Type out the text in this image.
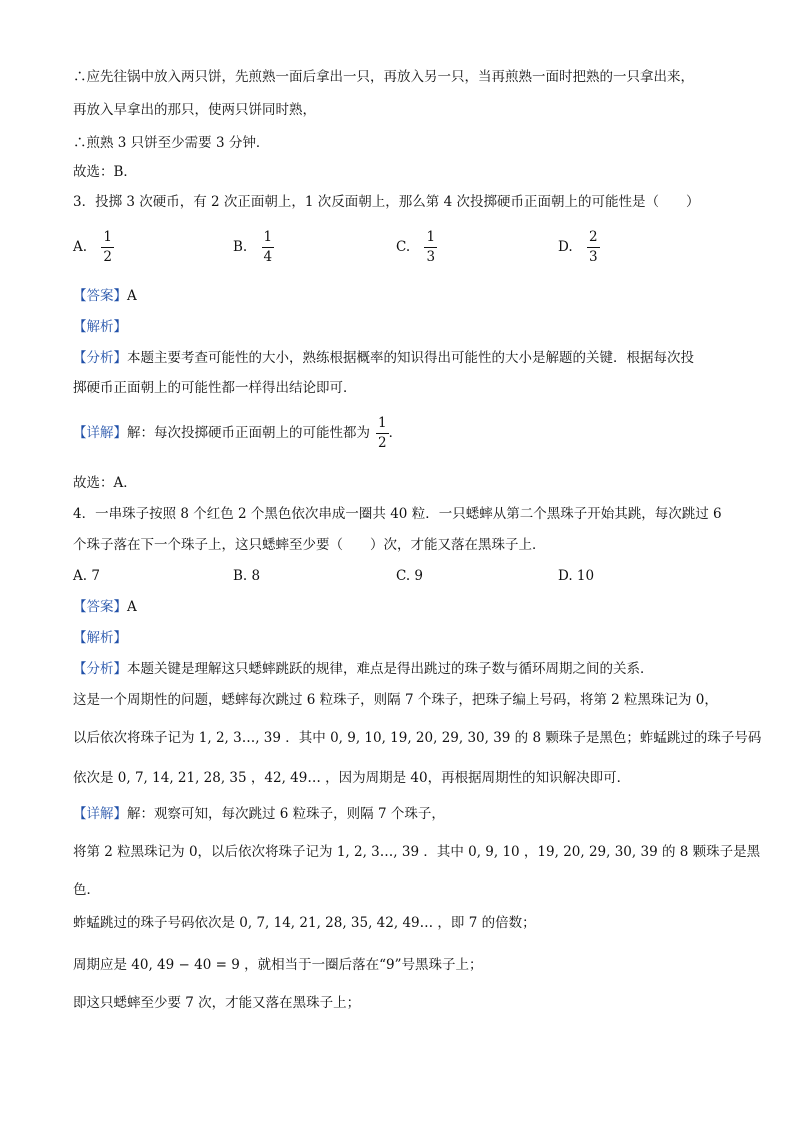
∴应先往锅中放入两只饼，先煎熟一面后拿出一只，再放入另一只，当再煎熟一面时把熟的一只拿出来，
再放入早拿出的那只，使两只饼同时熟，
∴煎熟 3 只饼至少需要 3 分钟．
故选：B．
3．投掷 3 次硬币，有 2 次正面朝上，1 次反面朝上，那么第 4 次投掷硬币正面朝上的可能性是（　　）
A. $\frac{1}{2}$	B. $\frac{1}{4}$	C. $\frac{1}{3}$	D. $\frac{2}{3}$
【答案】A
【解析】
【分析】本题主要考查可能性的大小，熟练根据概率的知识得出可能性的大小是解题的关键．根据每次投
掷硬币正面朝上的可能性都一样得出结论即可．
【详解】解：每次投掷硬币正面朝上的可能性都为 $\frac{1}{2}$ ．
故选：A．
4．一串珠子按照 8 个红色 2 个黑色依次串成一圈共 40 粒．一只蟋蟀从第二个黑珠子开始其跳，每次跳过 6
个珠子落在下一个珠子上，这只蟋蟀至少要（　　）次，才能又落在黑珠子上．
A. 7	B. 8	C. 9	D. 10
【答案】A
【解析】
【分析】本题关键是理解这只蟋蟀跳跃的规律，难点是得出跳过的珠子数与循环周期之间的关系．
这是一个周期性的问题，蟋蟀每次跳过 6 粒珠子，则隔 7 个珠子，把珠子编上号码，将第 2 粒黑珠记为 0，
以后依次将珠子记为 1, 2, 3…, 39 ．其中 0, 9, 10, 19, 20, 29, 30, 39 的 8 颗珠子是黑色；蚱蜢跳过的珠子号码
依次是 0, 7, 14, 21, 28, 35 ，42, 49… ，因为周期是 40，再根据周期性的知识解决即可．
【详解】解：观察可知，每次跳过 6 粒珠子，则隔 7 个珠子，
将第 2 粒黑珠记为 0，以后依次将珠子记为 1, 2, 3…, 39 ．其中 0, 9, 10 ，19, 20, 29, 30, 39 的 8 颗珠子是黑
色．
蚱蜢跳过的珠子号码依次是 0, 7, 14, 21, 28, 35, 42, 49… ，即 7 的倍数；
周期应是 40, 49 − 40 = 9 ，就相当于一圈后落在“9”号黑珠子上；
即这只蟋蟀至少要 7 次，才能又落在黑珠子上；
